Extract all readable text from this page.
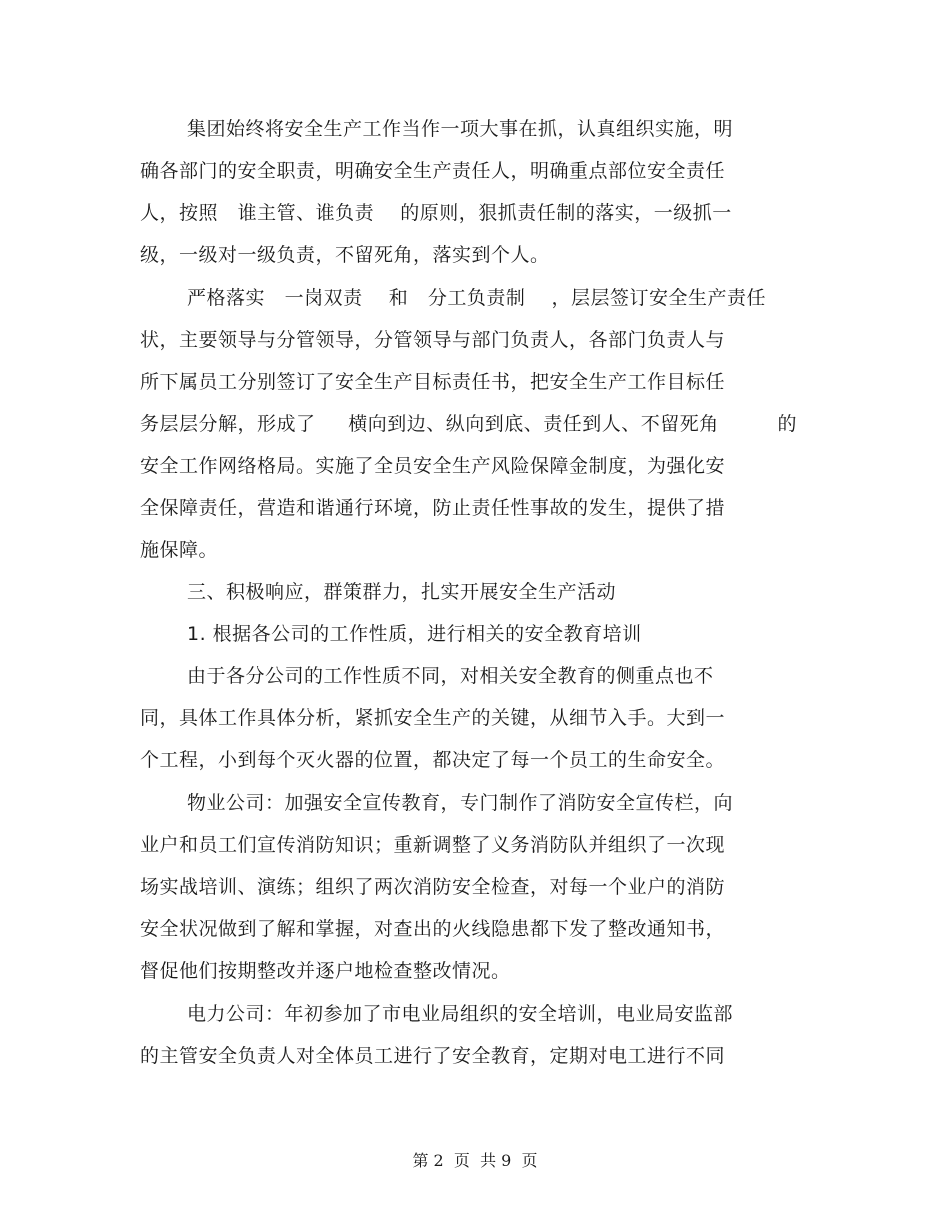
集团始终将安全生产工作当作一项大事在抓，认真组织实施，明
确各部门的安全职责，明确安全生产责任人，明确重点部位安全责任
人，按照   谁主管、谁负责    的原则，狠抓责任制的落实，一级抓一
级，一级对一级负责，不留死角，落实到个人。
严格落实   一岗双责    和   分工负责制    ，层层签订安全生产责任
状，主要领导与分管领导，分管领导与部门负责人，各部门负责人与
所下属员工分别签订了安全生产目标责任书，把安全生产工作目标任
务层层分解，形成了     横向到边、纵向到底、责任到人、不留死角         的
安全工作网络格局。实施了全员安全生产风险保障金制度，为强化安
全保障责任，营造和谐通行环境，防止责任性事故的发生，提供了措
施保障。
三、积极响应，群策群力，扎实开展安全生产活动
1. 根据各公司的工作性质，进行相关的安全教育培训
由于各分公司的工作性质不同，对相关安全教育的侧重点也不
同，具体工作具体分析，紧抓安全生产的关键，从细节入手。大到一
个工程，小到每个灭火器的位置，都决定了每一个员工的生命安全。
物业公司：加强安全宣传教育，专门制作了消防安全宣传栏，向
业户和员工们宣传消防知识；重新调整了义务消防队并组织了一次现
场实战培训、演练；组织了两次消防安全检查，对每一个业户的消防
安全状况做到了解和掌握，对查出的火线隐患都下发了整改通知书，
督促他们按期整改并逐户地检查整改情况。
电力公司：年初参加了市电业局组织的安全培训，电业局安监部
的主管安全负责人对全体员工进行了安全教育，定期对电工进行不同
第 2  页  共 9  页
